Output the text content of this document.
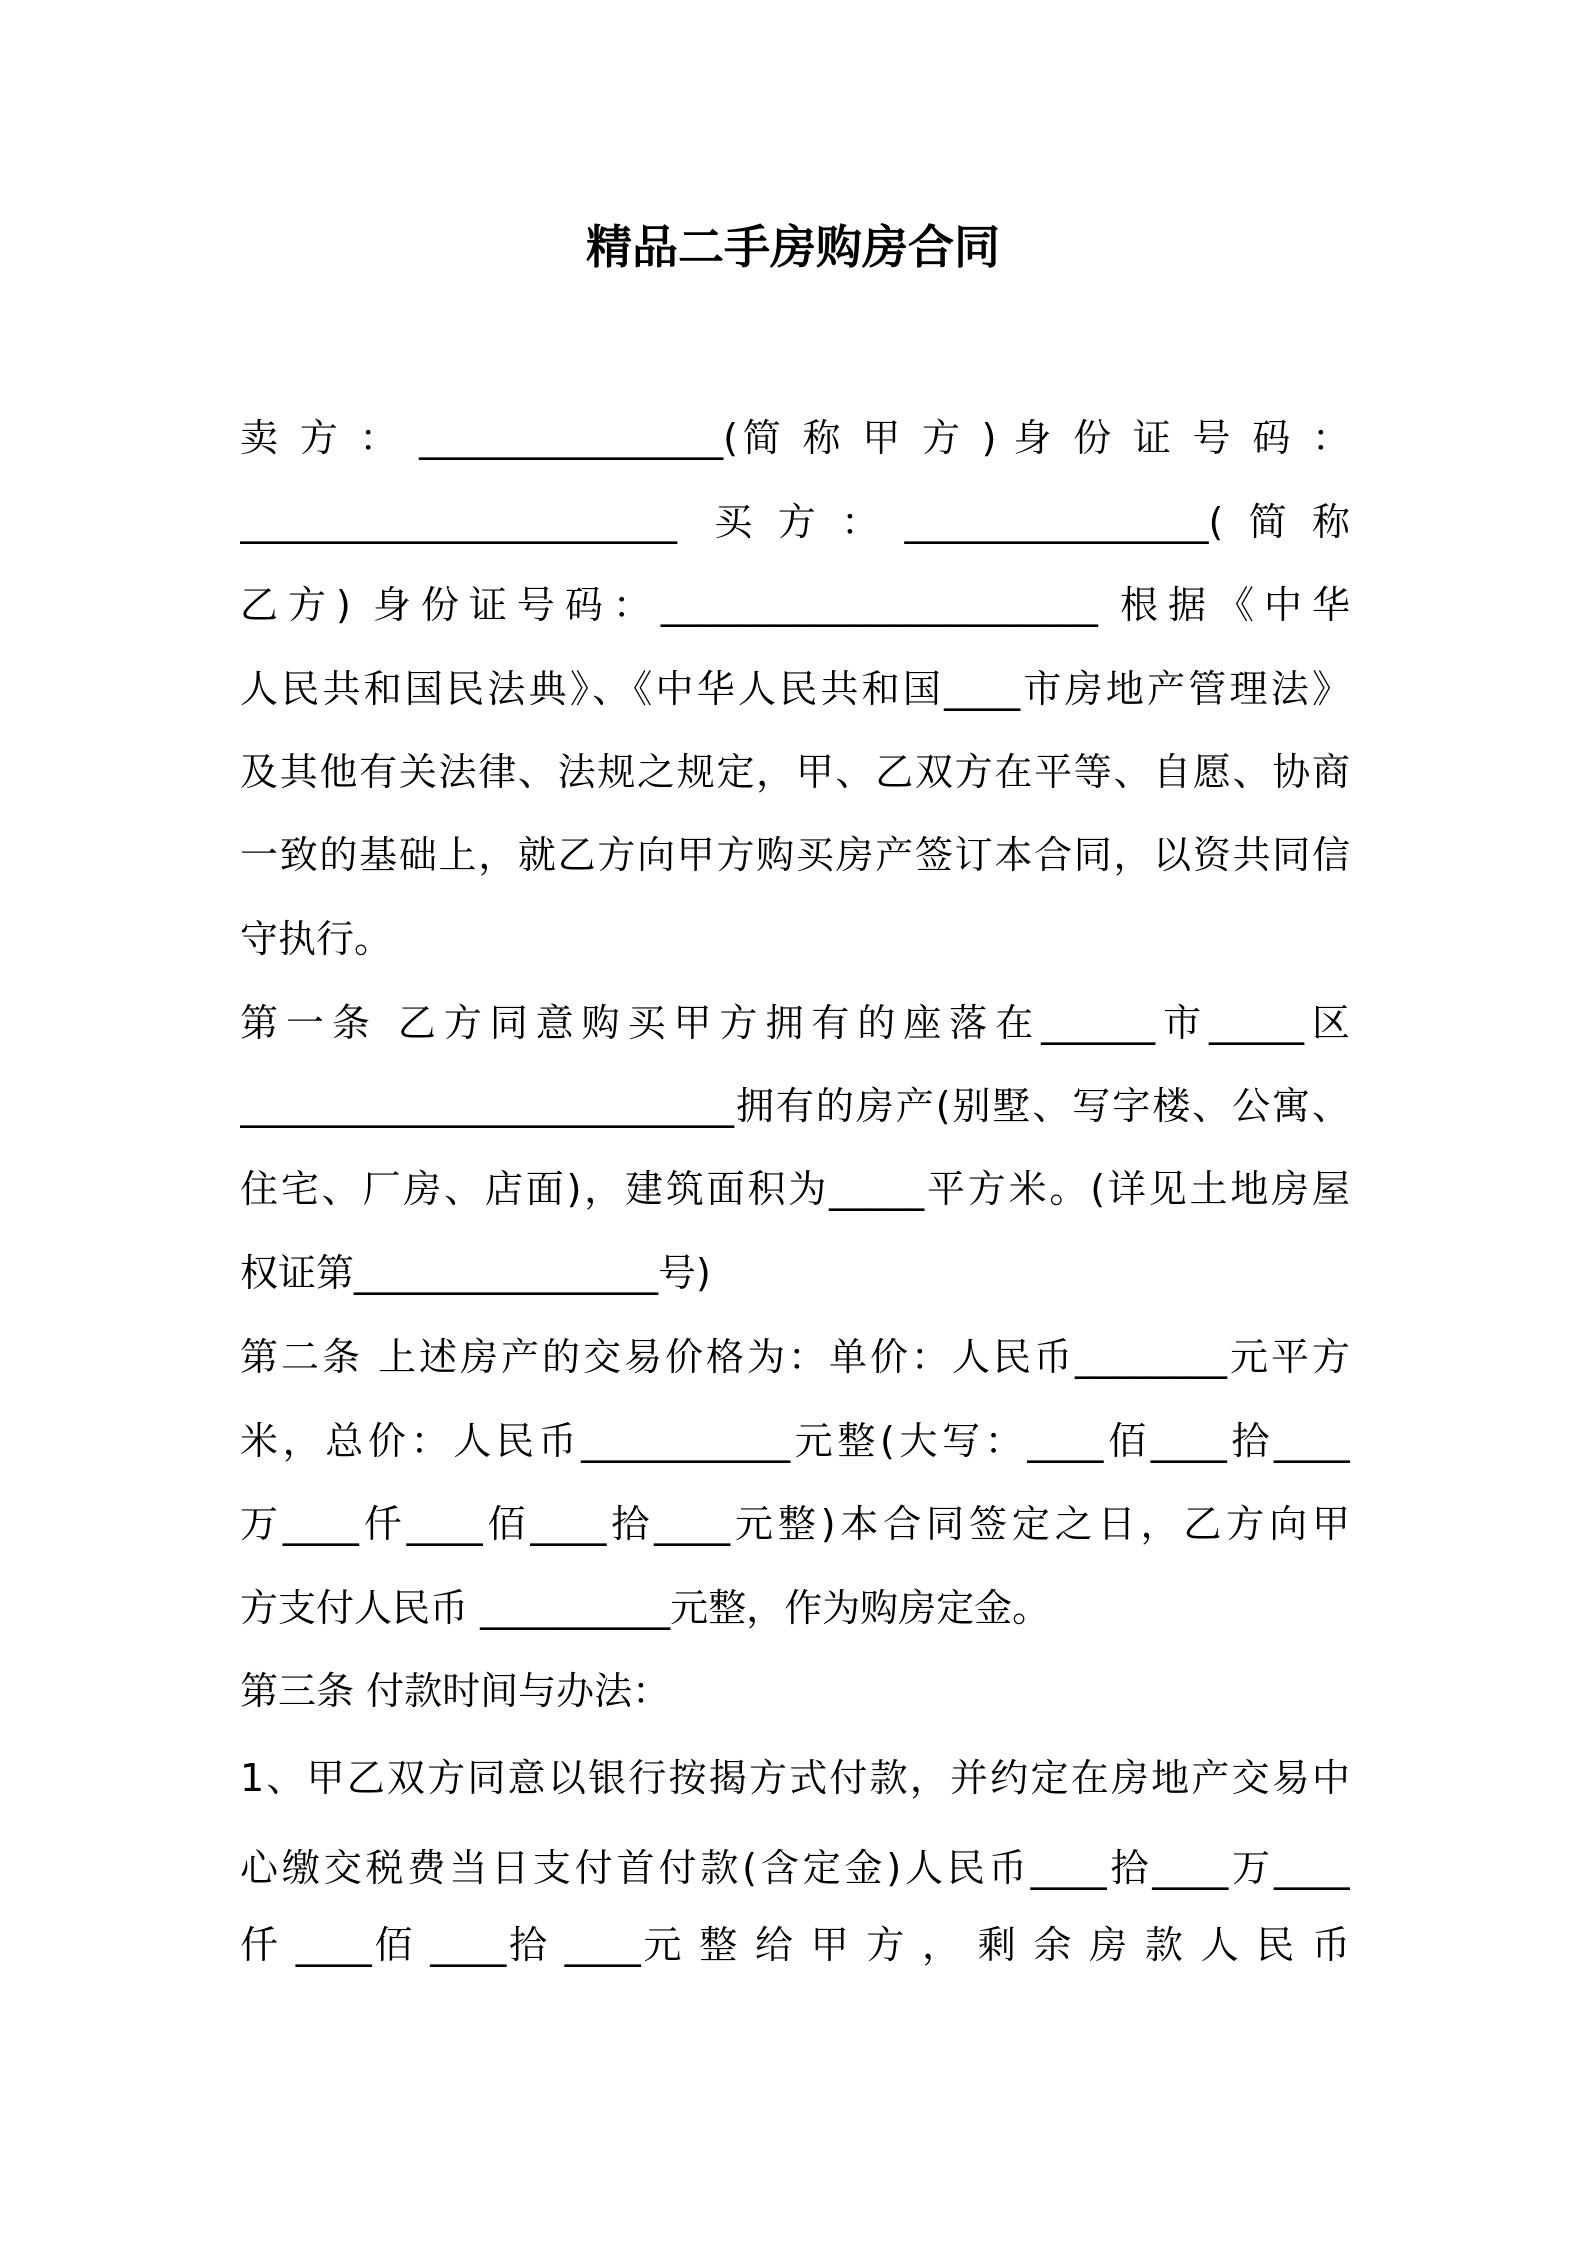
精品二手房购房合同
卖 方 ： ________________(简 称 甲 方 ) 身 份 证 号 码 ：
_______________________ 买方：________________(简称
乙方) 身份证号码：_______________________ 根据《中华
人民共和国民法典》、《中华人民共和国____市房地产管理法》
及其他有关法律、法规之规定，甲、乙双方在平等、自愿、协商
一致的基础上，就乙方向甲方购买房产签订本合同，以资共同信
守执行。
第一条 乙方同意购买甲方拥有的座落在______市_____区
__________________________拥有的房产(别墅、写字楼、公寓、
住宅、厂房、店面)，建筑面积为_____平方米。(详见土地房屋
权证第________________号)
第二条 上述房产的交易价格为：单价：人民币________元平方
米，总价：人民币___________元整(大写：____佰____拾____
万____仟____佰____拾____元整)本合同签定之日，乙方向甲
方支付人民币 __________元整，作为购房定金。
第三条 付款时间与办法：
1、甲乙双方同意以银行按揭方式付款，并约定在房地产交易中
心缴交税费当日支付首付款(含定金)人民币____拾____万____
仟 ____佰 ____拾 ____元 整 给 甲 方 ， 剩 余 房 款 人 民 币
